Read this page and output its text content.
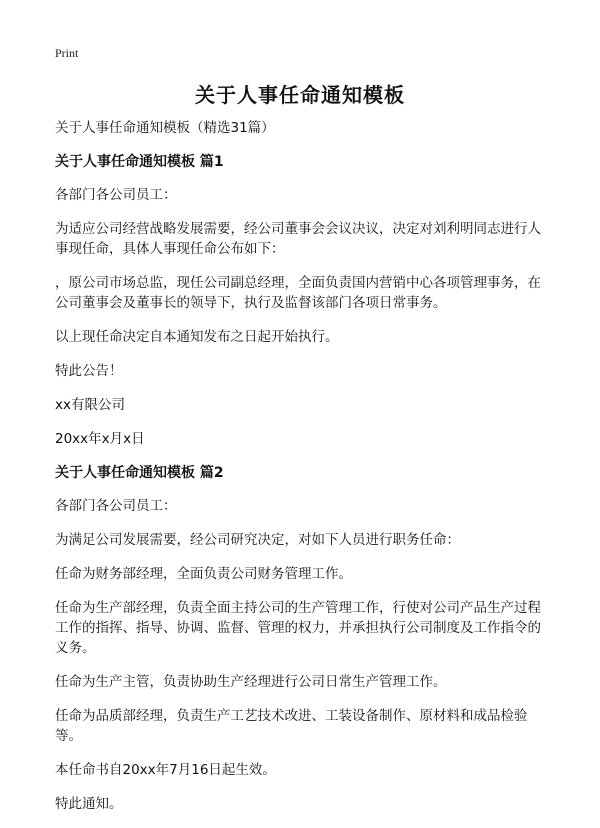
Print
关于人事任命通知模板

关于人事任命通知模板（精选31篇）

关于人事任命通知模板 篇1

各部门各公司员工：

为适应公司经营战略发展需要，经公司董事会会议决议，决定对刘利明同志进行人事现任命，具体人事现任命公布如下：

，原公司市场总监，现任公司副总经理，全面负责国内营销中心各项管理事务，在公司董事会及董事长的领导下，执行及监督该部门各项日常事务。

以上现任命决定自本通知发布之日起开始执行。

特此公告！

xx有限公司

20xx年x月x日

关于人事任命通知模板 篇2

各部门各公司员工：

为满足公司发展需要，经公司研究决定，对如下人员进行职务任命：

任命为财务部经理，全面负责公司财务管理工作。

任命为生产部经理，负责全面主持公司的生产管理工作，行使对公司产品生产过程工作的指挥、指导、协调、监督、管理的权力，并承担执行公司制度及工作指令的义务。

任命为生产主管，负责协助生产经理进行公司日常生产管理工作。

任命为品质部经理，负责生产工艺技术改进、工装设备制作、原材料和成品检验等。

本任命书自20xx年7月16日起生效。

特此通知。
